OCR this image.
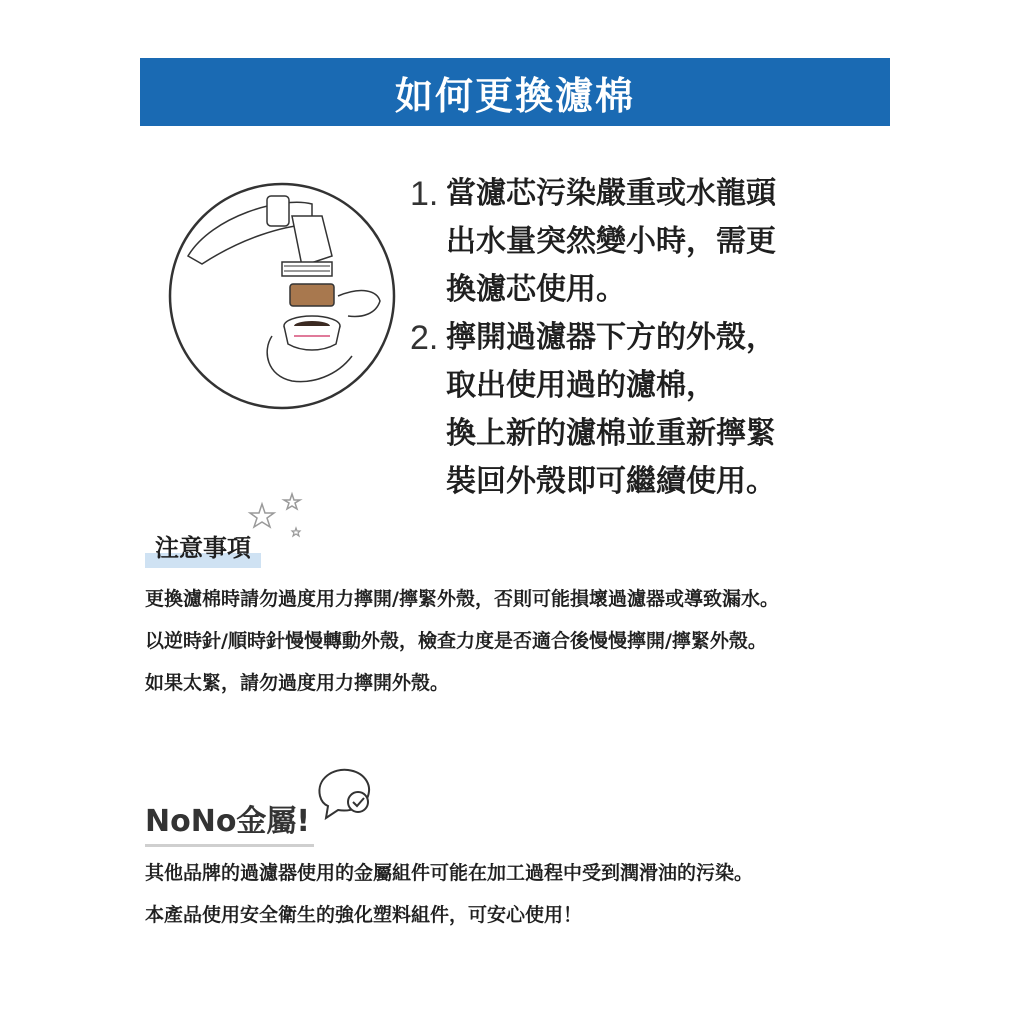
如何更換濾棉
1. 當濾芯污染嚴重或水龍頭
出水量突然變小時，需更
換濾芯使用。
2. 擰開過濾器下方的外殼，
取出使用過的濾棉，
換上新的濾棉並重新擰緊
裝回外殼即可繼續使用。
注意事項
更換濾棉時請勿過度用力擰開/擰緊外殼，否則可能損壞過濾器或導致漏水。
以逆時針/順時針慢慢轉動外殼，檢查力度是否適合後慢慢擰開/擰緊外殼。
如果太緊，請勿過度用力擰開外殼。
NoNo金屬!
其他品牌的過濾器使用的金屬組件可能在加工過程中受到潤滑油的污染。
本產品使用安全衛生的強化塑料組件，可安心使用！
